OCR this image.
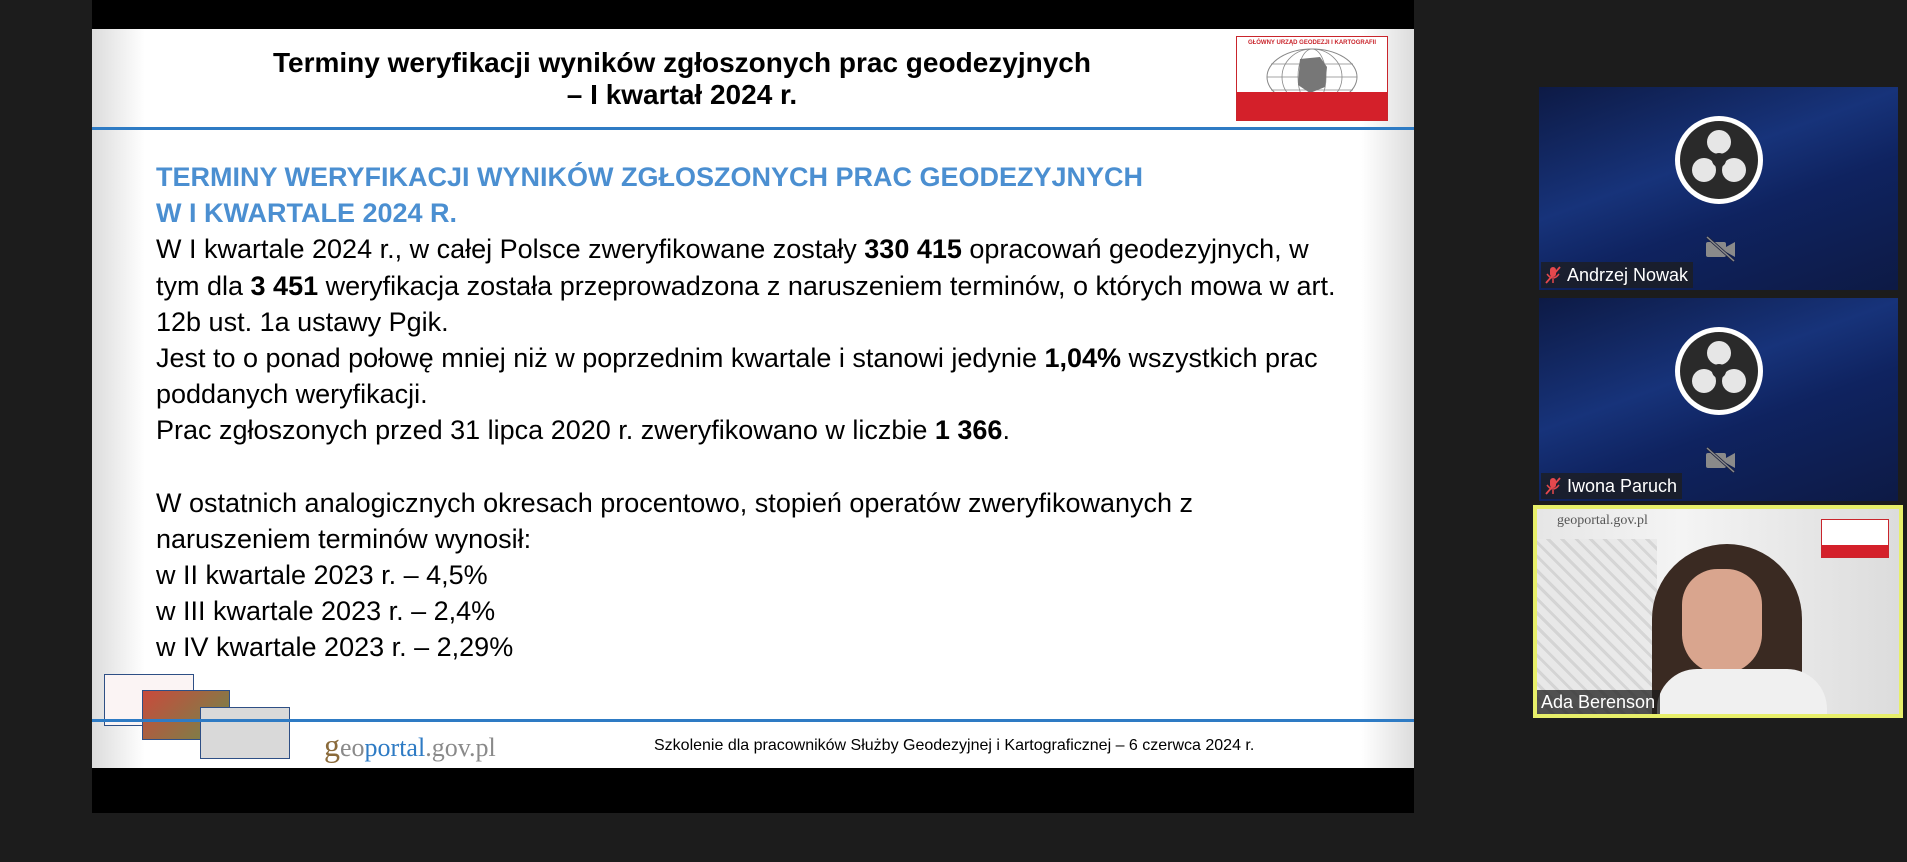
Terminy weryfikacji wyników zgłoszonych prac geodezyjnych
– I kwartał 2024 r.
GŁÓWNY URZĄD GEODEZJI I KARTOGRAFII

TERMINY WERYFIKACJI WYNIKÓW ZGŁOSZONYCH PRAC GEODEZYJNYCH
W I KWARTALE 2024 R.

W I kwartale 2024 r., w całej Polsce zweryfikowane zostały 330 415 opracowań geodezyjnych, w tym dla 3 451 weryfikacja została przeprowadzona z naruszeniem terminów, o których mowa w art. 12b ust. 1a ustawy Pgik.

Jest to o ponad połowę mniej niż w poprzednim kwartale i stanowi jedynie 1,04% wszystkich prac poddanych weryfikacji.

Prac zgłoszonych przed 31 lipca 2020 r. zweryfikowano w liczbie 1 366.

W ostatnich analogicznych okresach procentowo, stopień operatów zweryfikowanych z naruszeniem terminów wynosił:

w II kwartale 2023 r. – 4,5%

w III kwartale 2023 r. – 2,4%

w IV kwartale 2023 r. – 2,29%

geoportal.gov.pl	Szkolenie dla pracowników Służby Geodezyjnej i Kartograficznej – 6 czerwca 2024 r.
Andrzej Nowak
Iwona Paruch
geoportal.gov.pl
Ada Berenson
